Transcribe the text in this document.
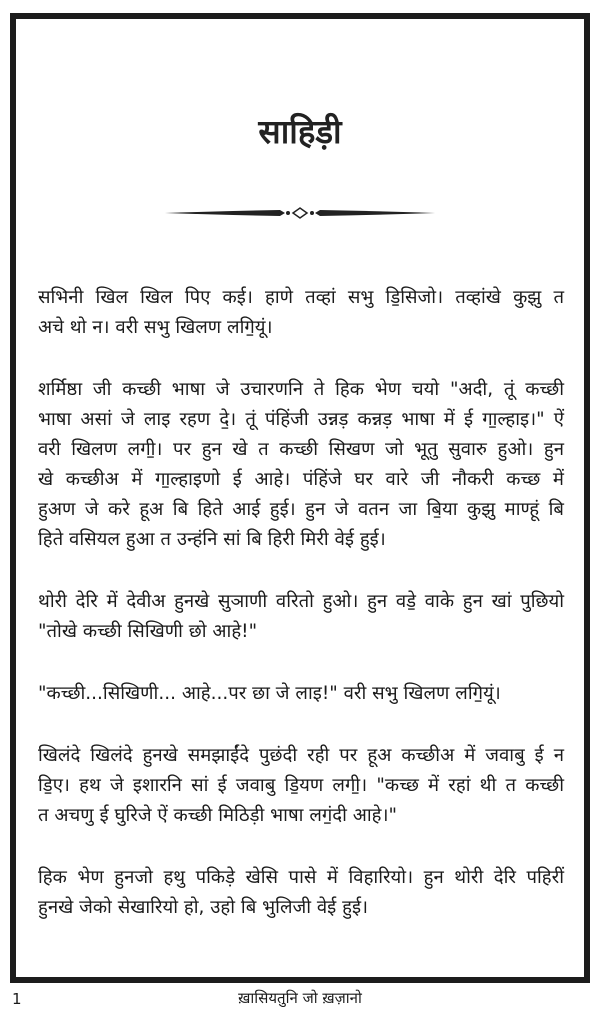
साहिड़ी
सभिनी खिल खिल पिए कई। हाणे तव्हां सभु डि॒सिजो। तव्हांखे कुझु त
अचे थो न। वरी सभु खिलण लगि॒यूं।
शर्मिष्ठा जी कच्छी भाषा जे उचारणनि ते हिक भेण चयो "अदी, तूं कच्छी
भाषा असां जे लाइ रहण दे॒। तूं पंहिंजी उन्नड़ कन्नड़ भाषा में ई गा॒ल्हाइ।" ऐं
वरी खिलण लगी॒। पर हुन खे त कच्छी सिखण जो भूतु सुवारु हुओ। हुन
खे कच्छीअ में गा॒ल्हाइणो ई आहे। पंहिंजे घर वारे जी नौकरी कच्छ में
हुअण जे करे हूअ बि हिते आई हुई। हुन जे वतन जा बि॒या कुझु माण्हूं बि
हिते वसियल हुआ त उन्हंनि सां बि हिरी मिरी वेई हुई।
थोरी देरि में देवीअ हुनखे सुञाणी वरितो हुओ। हुन वडे॒ वाके हुन खां पुछियो
"तोखे कच्छी सिखिणी छो आहे!"
"कच्छी...सिखिणी... आहे...पर छा जे लाइ!" वरी सभु खिलण लगि॒यूं।
खिलंदे खिलंदे हुनखे समझाईंदे पुछंदी रही पर हूअ कच्छीअ में जवाबु ई न
डि॒ए। हथ जे इशारनि सां ई जवाबु डि॒यण लगी॒। "कच्छ में रहां थी त कच्छी
त अचणु ई घुरिजे ऐं कच्छी मिठिड़ी भाषा लगं॒दी आहे।"
हिक भेण हुनजो हथु पकिड़े खेसि पासे में विहारियो। हुन थोरी देरि पहिरीं
हुनखे जेको सेखारियो हो, उहो बि भुलिजी वेई हुई।
1	ख़ासियतुनि जो ख़ज़ानो
